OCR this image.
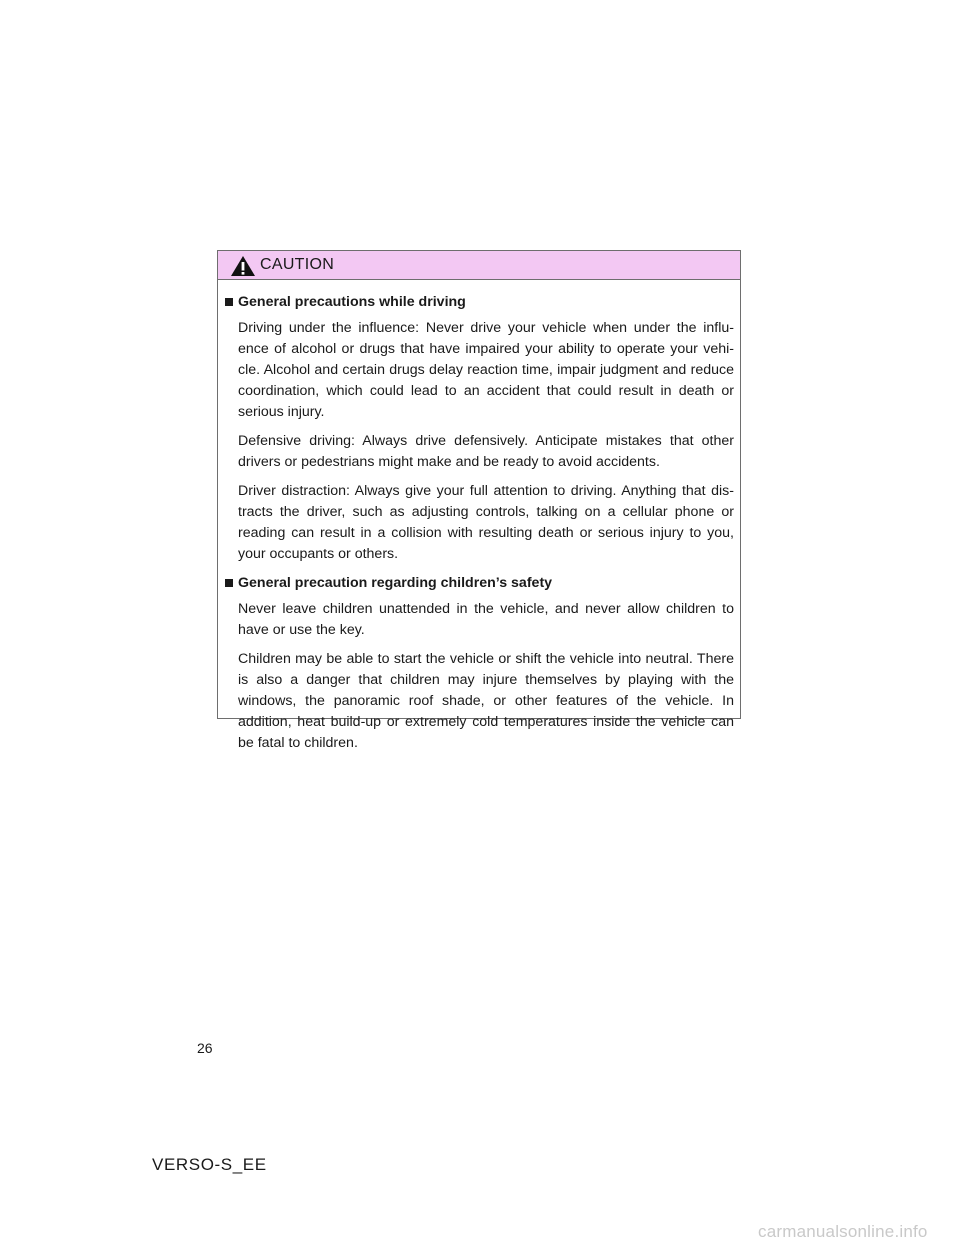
CAUTION
General precautions while driving

Driving under the influence: Never drive your vehicle when under the influ- ence of alcohol or drugs that have impaired your ability to operate your vehi- cle. Alcohol and certain drugs delay reaction time, impair judgment and reduce coordination, which could lead to an accident that could result in death or serious injury.

Defensive driving: Always drive defensively. Anticipate mistakes that other drivers or pedestrians might make and be ready to avoid accidents.

Driver distraction: Always give your full attention to driving. Anything that dis- tracts the driver, such as adjusting controls, talking on a cellular phone or reading can result in a collision with resulting death or serious injury to you, your occupants or others.

General precaution regarding children’s safety

Never leave children unattended in the vehicle, and never allow children to have or use the key.

Children may be able to start the vehicle or shift the vehicle into neutral. There is also a danger that children may injure themselves by playing with the windows, the panoramic roof shade, or other features of the vehicle. In addition, heat build-up or extremely cold temperatures inside the vehicle can be fatal to children.

26
VERSO-S_EE
carmanualsonline.info
